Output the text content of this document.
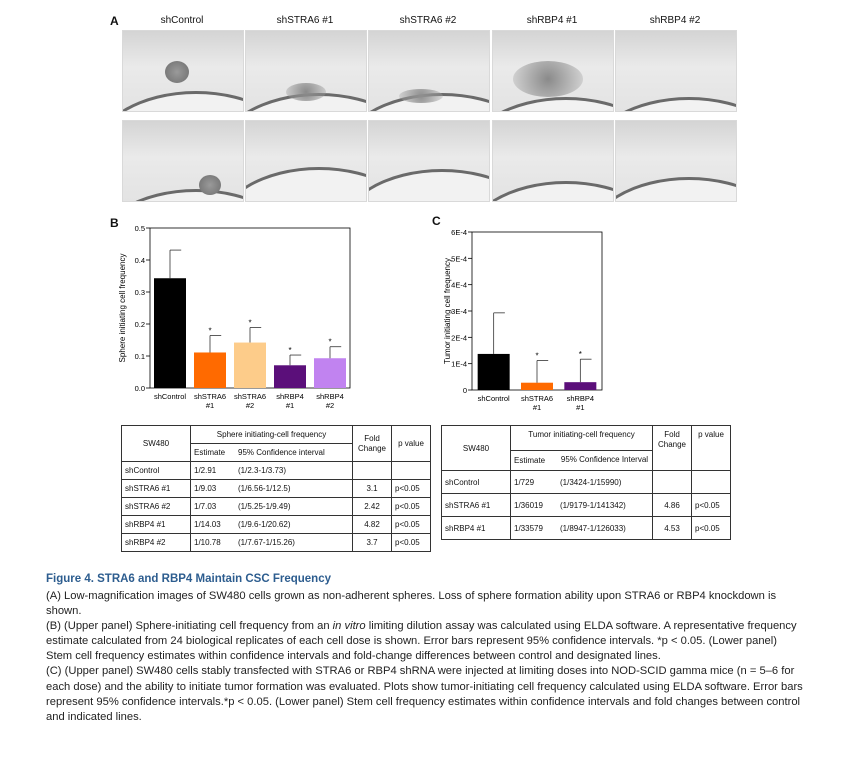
A	shControl	shSTRA6 #1	shSTRA6 #2	shRBP4 #1	shRBP4 #2
B
Sphere initiating cell frequency
0.0
0.1
0.2
0.3
0.4
0.5
shControl
*
shSTRA6
#1
*
shSTRA6
#2
*
shRBP4
#1
*
shRBP4
#2
C
Tumor initiating cell frequency
0
1E-4
2E-4
3E-4
4E-4
5E-4
6E-4
shControl
*
shSTRA6
#1
*
shRBP4
#1
SW480	Sphere initiating-cell frequency		Fold Change	p value
	Estimate	95% Confidence interval		
shControl	1/2.91	(1/2.3-1/3.73)		
shSTRA6 #1	1/9.03	(1/6.56-1/12.5)	3.1	p<0.05
shSTRA6 #2	1/7.03	(1/5.25-1/9.49)	2.42	p<0.05
shRBP4 #1	1/14.03	(1/9.6-1/20.62)	4.82	p<0.05
shRBP4 #2	1/10.78	(1/7.67-1/15.26)	3.7	p<0.05
SW480	Tumor initiating-cell frequency		Fold Change	p value
	Estimate	95% Confidence Interval		
shControl	1/729	(1/3424-1/15990)		
shSTRA6 #1	1/36019	(1/9179-1/141342)	4.86	p<0.05
shRBP4 #1	1/33579	(1/8947-1/126033)	4.53	p<0.05
Figure 4. STRA6 and RBP4 Maintain CSC Frequency

(A) Low-magnification images of SW480 cells grown as non-adherent spheres. Loss of sphere formation ability upon STRA6 or RBP4 knockdown is shown.

(B) (Upper panel) Sphere-initiating cell frequency from an in vitro limiting dilution assay was calculated using ELDA software. A representative frequency estimate calculated from 24 biological replicates of each cell dose is shown. Error bars represent 95% confidence intervals. *p < 0.05. (Lower panel) Stem cell frequency estimates within confidence intervals and fold-change differences between control and designated lines.

(C) (Upper panel) SW480 cells stably transfected with STRA6 or RBP4 shRNA were injected at limiting doses into NOD-SCID gamma mice (n = 5–6 for each dose) and the ability to initiate tumor formation was evaluated. Plots show tumor-initiating cell frequency calculated using ELDA software. Error bars represent 95% confidence intervals.*p < 0.05. (Lower panel) Stem cell frequency estimates within confidence intervals and fold changes between control and indicated lines.
